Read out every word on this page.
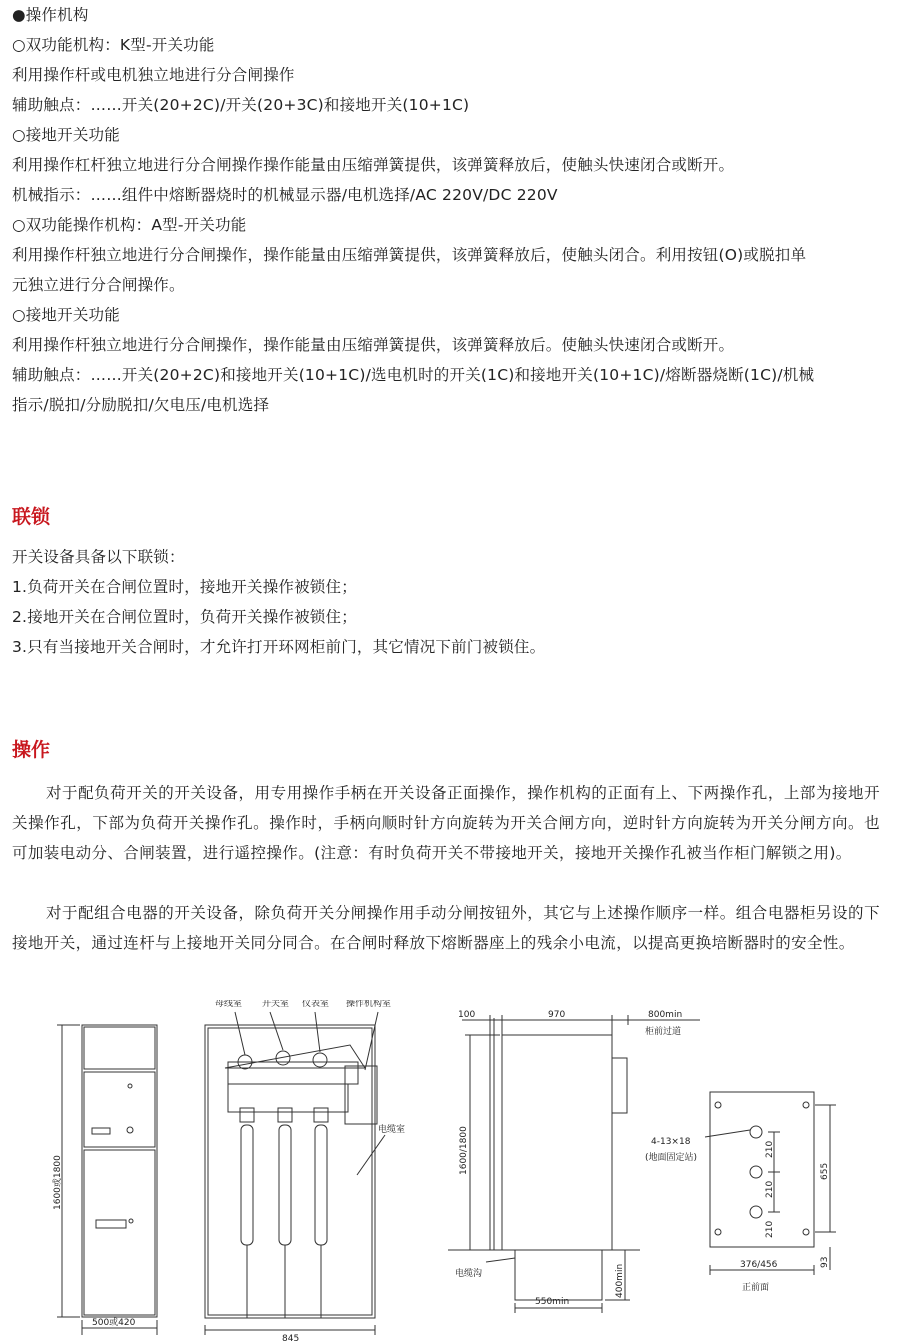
●操作机构
○双功能机构：K型-开关功能
利用操作杆或电机独立地进行分合闸操作
辅助触点：……开关(20+2C)/开关(20+3C)和接地开关(10+1C)
○接地开关功能
利用操作杠杆独立地进行分合闸操作操作能量由压缩弹簧提供，该弹簧释放后，使触头快速闭合或断开。
机械指示：……组件中熔断器烧时的机械显示器/电机选择/AC 220V/DC 220V
○双功能操作机构：A型-开关功能
利用操作杆独立地进行分合闸操作，操作能量由压缩弹簧提供，该弹簧释放后，使触头闭合。利用按钮(O)或脱扣单
元独立进行分合闸操作。
○接地开关功能
利用操作杆独立地进行分合闸操作，操作能量由压缩弹簧提供，该弹簧释放后。使触头快速闭合或断开。
辅助触点：……开关(20+2C)和接地开关(10+1C)/选电机时的开关(1C)和接地开关(10+1C)/熔断器烧断(1C)/机械
指示/脱扣/分励脱扣/欠电压/电机选择
联锁
开关设备具备以下联锁：
1.负荷开关在合闸位置时，接地开关操作被锁住；
2.接地开关在合闸位置时，负荷开关操作被锁住；
3.只有当接地开关合闸时，才允许打开环网柜前门，其它情况下前门被锁住。
操作
对于配负荷开关的开关设备，用专用操作手柄在开关设备正面操作，操作机构的正面有上、下两操作孔，上部为接地开关操作孔，下部为负荷开关操作孔。操作时，手柄向顺时针方向旋转为开关合闸方向，逆时针方向旋转为开关分闸方向。也可加装电动分、合闸装置，进行遥控操作。(注意：有时负荷开关不带接地开关，接地开关操作孔被当作柜门解锁之用)。
对于配组合电器的开关设备，除负荷开关分闸操作用手动分闸按钮外，其它与上述操作顺序一样。组合电器柜另设的下接地开关，通过连杆与上接地开关同分同合。在合闸时释放下熔断器座上的残余小电流，以提高更换培断器时的安全性。
1600或1800
500或420
母线室 开关室 仪表室 操作机构室
电缆室
845
100	970	800min
柜前过道
1600/1800
400min
电缆沟
550min
4-13×18
(地面固定站)	210
210
210
655
376/456	93
正前面
